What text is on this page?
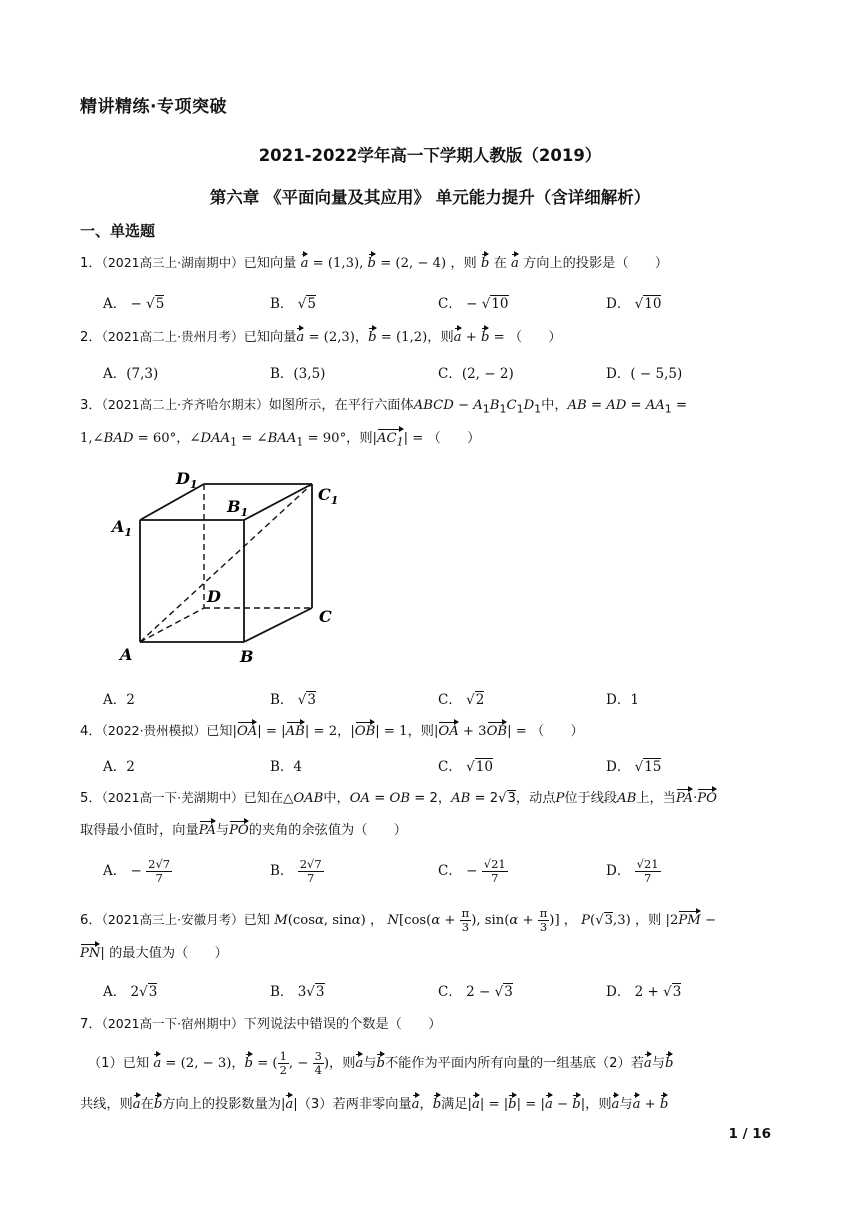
精讲精练·专项突破
2021-2022学年高一下学期人教版（2019）
第六章 《平面向量及其应用》 单元能力提升（含详细解析）
一、单选题
1．（2021高三上·湖南期中）已知向量 a = (1,3), b = (2, − 4) ，则 b 在 a 方向上的投影是（　　）
A． − √5	B． √5	C． − √10	D． √10
2．（2021高二上·贵州月考）已知向量a = (2,3)，b = (1,2)，则a + b = （　　）
A．(7,3)	B．(3,5)	C．(2, − 2)	D．( − 5,5)
3．（2021高二上·齐齐哈尔期末）如图所示，在平行六面体ABCD − $A_1B_1C_1D_1$中，AB = AD = $AA_1$ =
1,∠BAD = 60°，$\angle DAA_1$ = $\angle BAA_1 = 90^\circ$，则$|AC_1|$ = （　　）
$D_1$
$B_1$
$C_1$
$A_1$
D
C
A	B
A．2	B． √3	C． √2	D．1
4．（2022·贵州模拟）已知|OA| = |AB| = 2，|OB| = 1，则|OA + 3OB| = （　　）
A．2	B．4	C． √10	D． √15
5．（2021高一下·芜湖期中）已知在△OAB中，OA = OB = 2，AB = 2√3，动点P位于线段AB上，当PA·PO
取得最小值时，向量PA与PO的夹角的余弦值为（　　）
A． − $\frac{2√7}{7}$	B． $\frac{2√7}{7}$	C． − $\frac{√21}{7}$	D． $\frac{√21}{7}$
6．（2021高三上·安徽月考）已知 M(cosα, sinα) ， $N[\cos(\alpha + \frac{\pi}{3}$ ), $\sin(\alpha + \frac{\pi}{3}$ )] ， P(√3,3) ，则 |2PM −
PN| 的最大值为（　　）
A． 2√3	B． 3√3	C． 2 − √3	D． 2 + √3
7．（2021高一下·宿州期中）下列说法中错误的个数是（　　）
（1）已知 a = (2, − 3)，b = ( $\frac{1}{2}$ , − $\frac{3}{4}$ )，则a与b不能作为平面内所有向量的一组基底（2）若a与b
共线，则a在b方向上的投影数量为|a|（3）若两非零向量a，b满足|a| = |b| = |a − b|，则a与a + b
1 / 16
